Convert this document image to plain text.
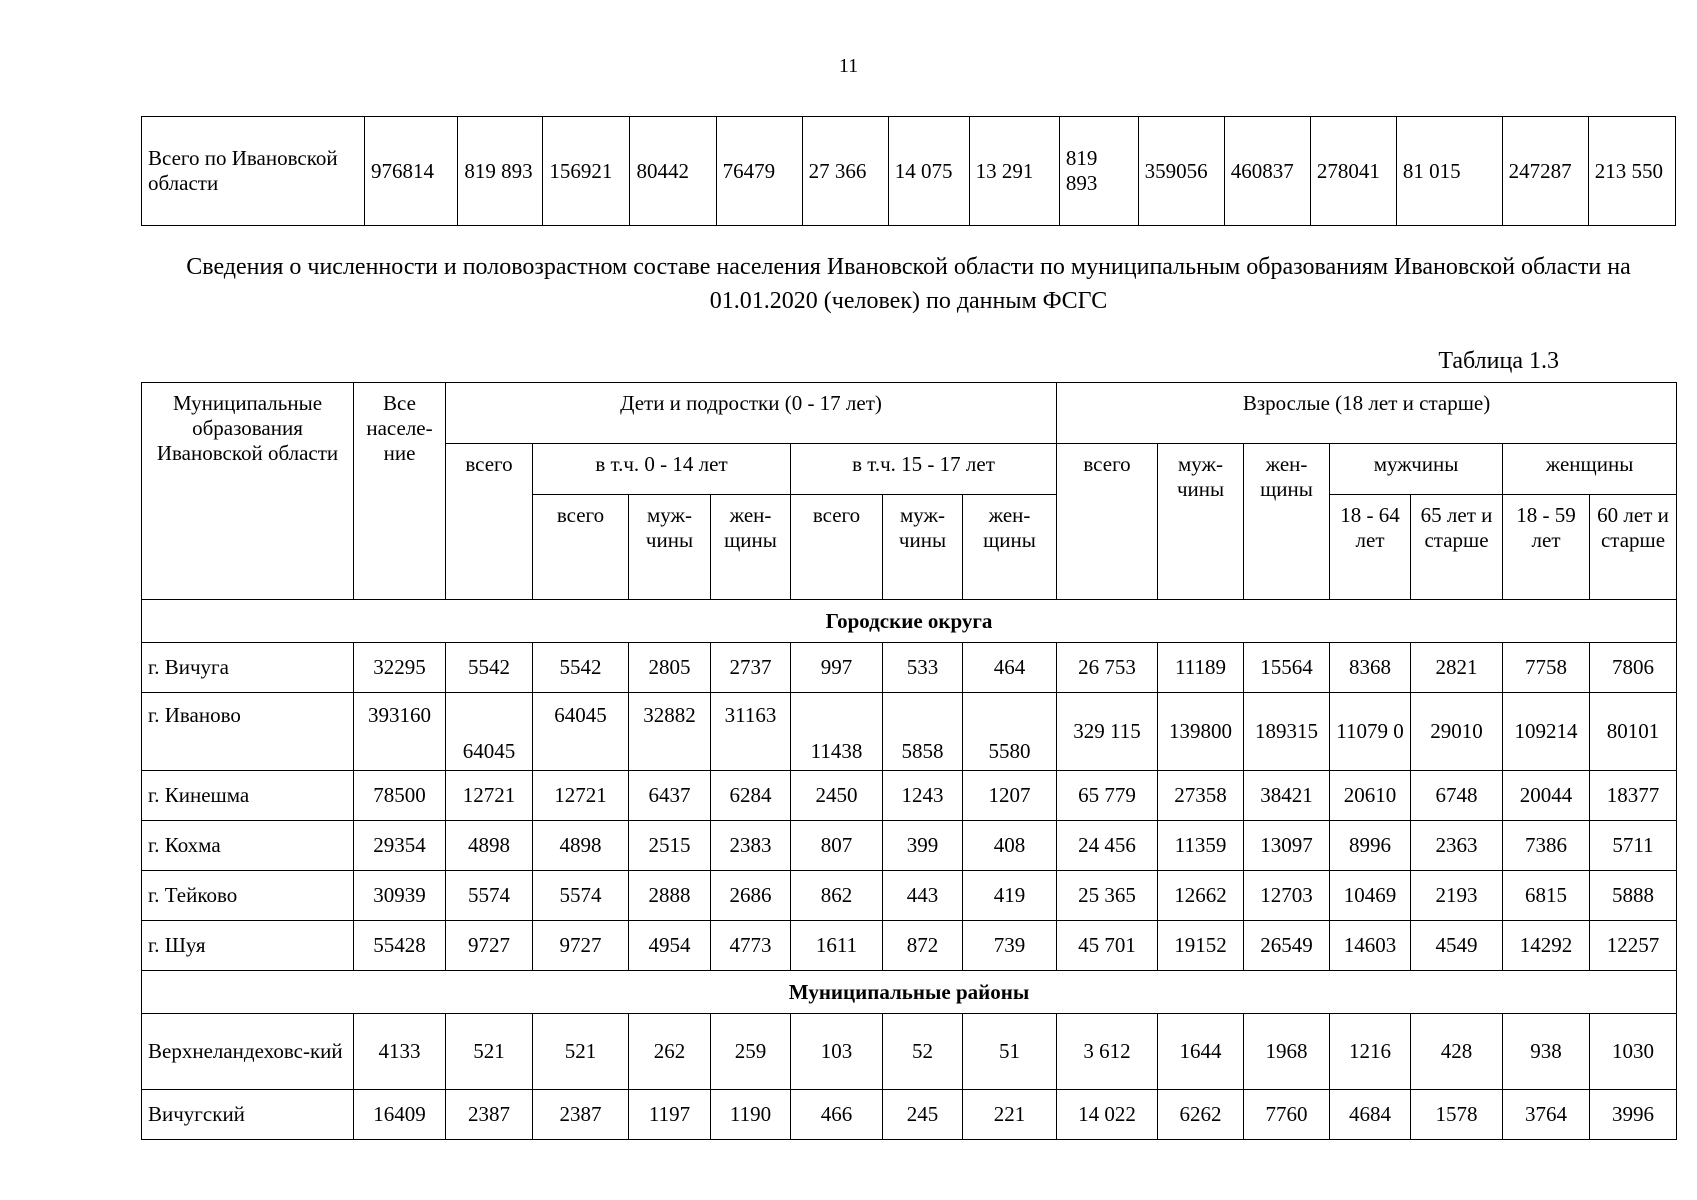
11
Всего по Ивановской области	976814	819 893	156921	80442	76479	27 366	14 075	13 291	819 893	359056	460837	278041	81 015	247287	213 550
Сведения о численности и половозрастном составе населения Ивановской области по муниципальным образованиям Ивановской области на 01.01.2020 (человек) по данным ФСГС
Таблица 1.3
Муниципальные образования Ивановской области	Все населе-ние	Дети и подростки (0 - 17 лет)							Взрослые (18 лет и старше)						
		всего	в т.ч. 0 - 14 лет			в т.ч. 15 - 17 лет			всего	муж-чины	жен-щины	мужчины		женщины	
			всего	муж-чины	жен-щины	всего	муж-чины	жен-щины				18 - 64 лет	65 лет и старше	18 - 59 лет	60 лет и старше
Городские округа															
г. Вичуга	32295	5542	5542	2805	2737	997	533	464	26 753	11189	15564	8368	2821	7758	7806
г. Иваново	393160	64045	64045	32882	31163	11438	5858	5580	329 115	139800	189315	11079 0	29010	109214	80101
г. Кинешма	78500	12721	12721	6437	6284	2450	1243	1207	65 779	27358	38421	20610	6748	20044	18377
г. Кохма	29354	4898	4898	2515	2383	807	399	408	24 456	11359	13097	8996	2363	7386	5711
г. Тейково	30939	5574	5574	2888	2686	862	443	419	25 365	12662	12703	10469	2193	6815	5888
г. Шуя	55428	9727	9727	4954	4773	1611	872	739	45 701	19152	26549	14603	4549	14292	12257
Муниципальные районы															
Верхнеландеховс-кий	4133	521	521	262	259	103	52	51	3 612	1644	1968	1216	428	938	1030
Вичугский	16409	2387	2387	1197	1190	466	245	221	14 022	6262	7760	4684	1578	3764	3996
